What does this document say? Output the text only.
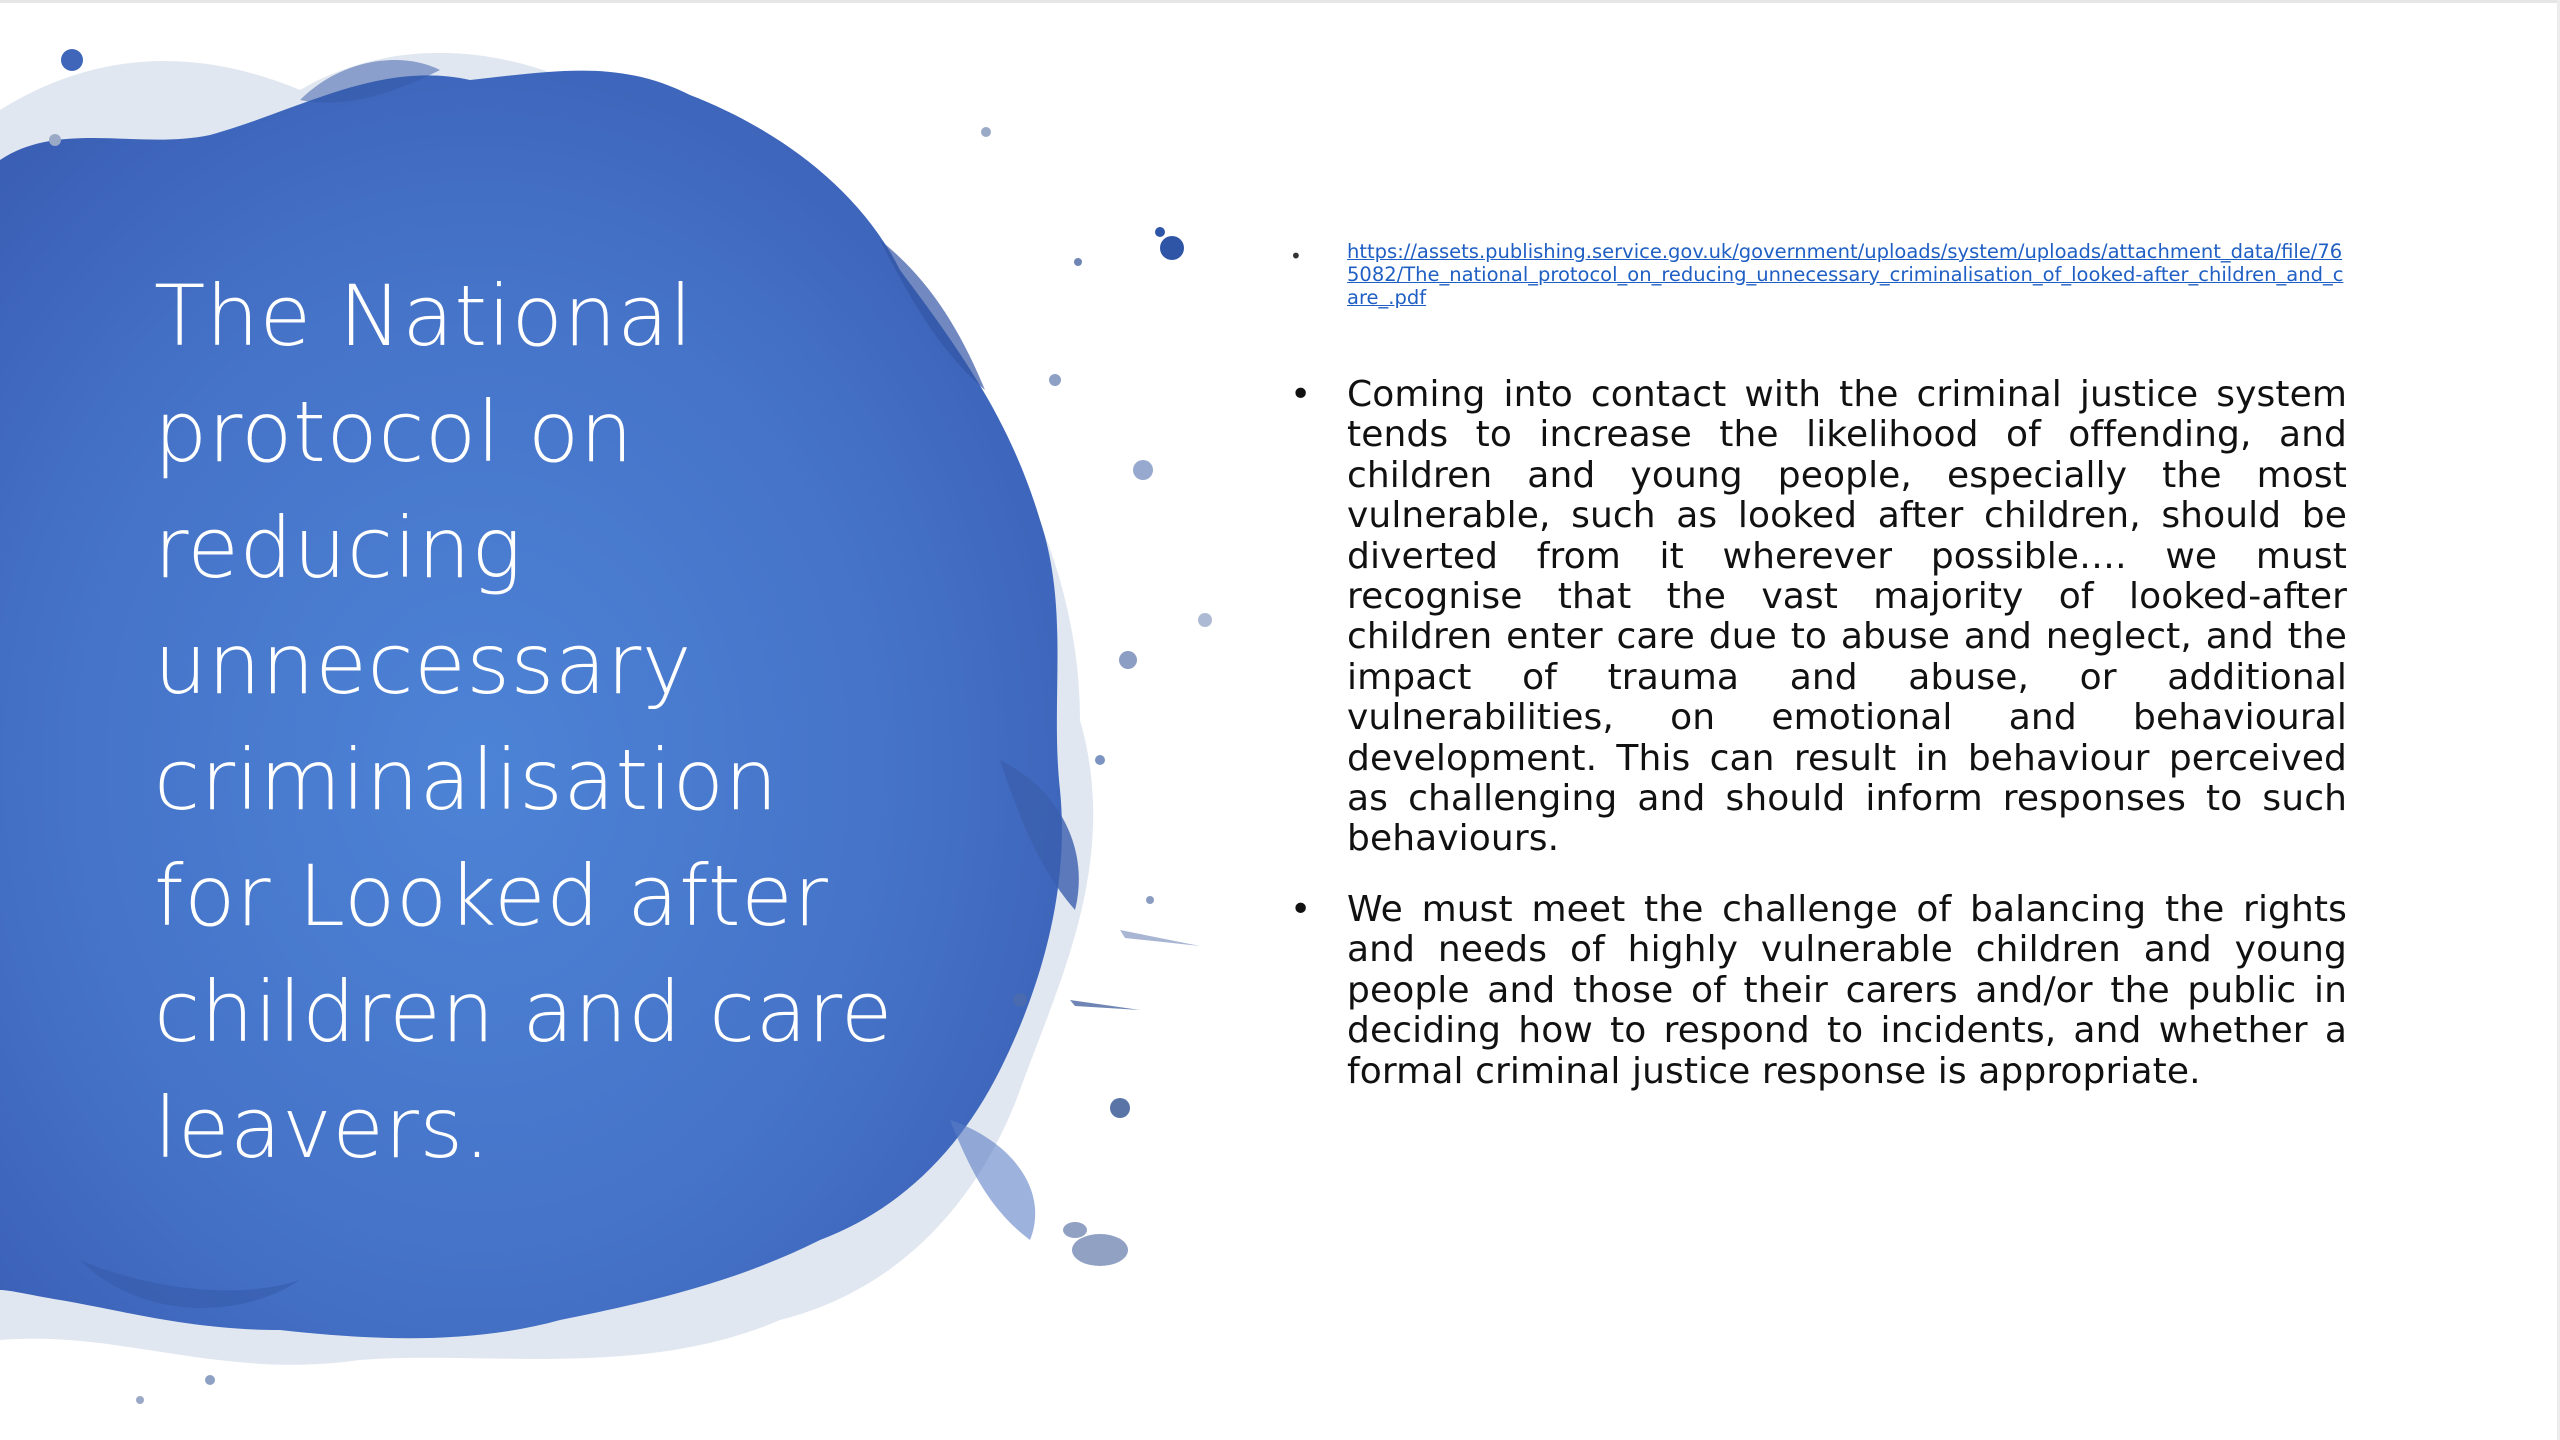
The National protocol on reducing unnecessary criminalisation for Looked after children and care leavers.
• https://assets.publishing.service.gov.uk/government/uploads/system/uploads/attachment_data/file/765082/The_national_protocol_on_reducing_unnecessary_criminalisation_of_looked-after_children_and_care_.pdf
• Coming into contact with the criminal justice system tends to increase the likelihood of offending, and children and young people, especially the most vulnerable, such as looked after children, should be diverted from it wherever possible…. we must recognise that the vast majority of looked-after children enter care due to abuse and neglect, and the impact of trauma and abuse, or additional vulnerabilities, on emotional and behavioural development. This can result in behaviour perceived as challenging and should inform responses to such behaviours.
• We must meet the challenge of balancing the rights and needs of highly vulnerable children and young people and those of their carers and/or the public in deciding how to respond to incidents, and whether a formal criminal justice response is appropriate.
